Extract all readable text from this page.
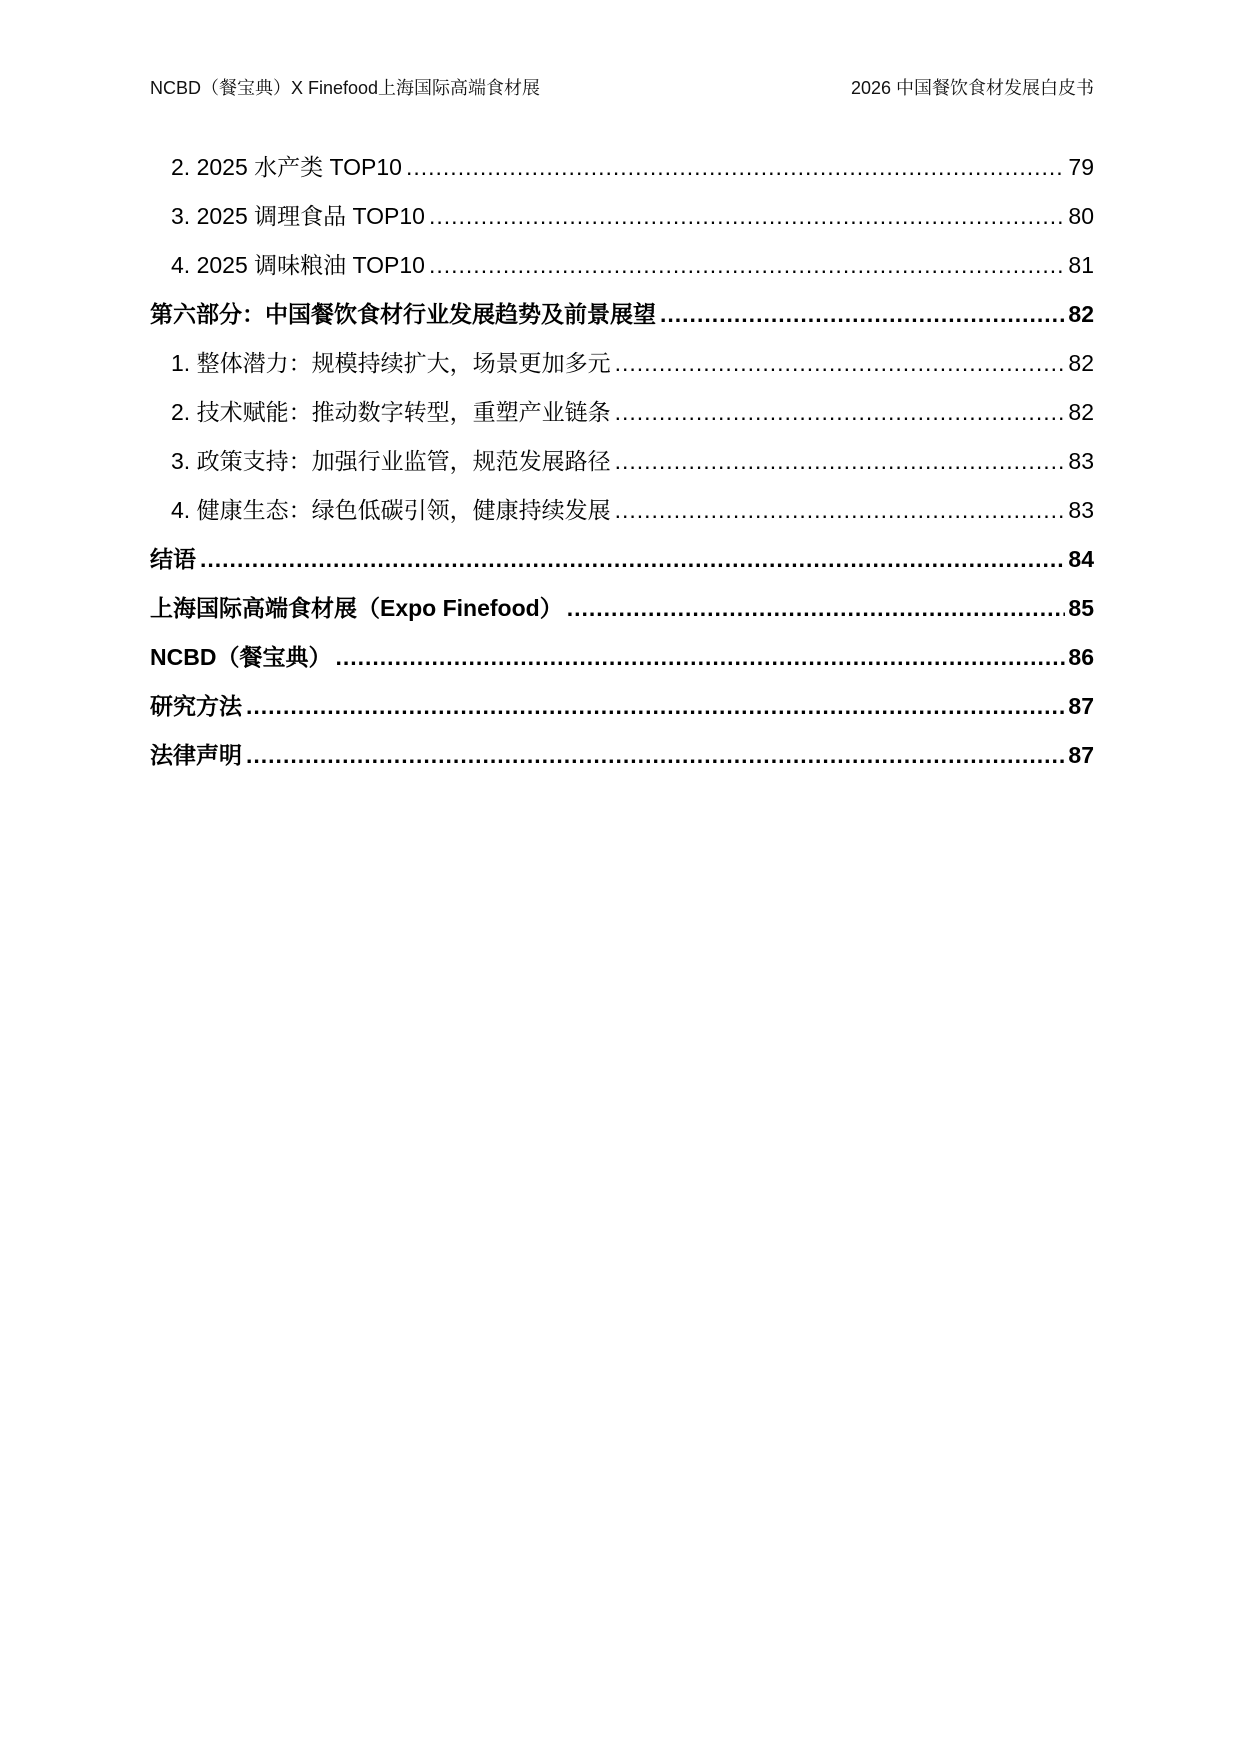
NCBD（餐宝典）X Finefood上海国际高端食材展	2026 中国餐饮食材发展白皮书
2. 2025 水产类 TOP10 .....	79
3. 2025 调理食品 TOP10 .....	80
4. 2025 调味粮油 TOP10 .....	81
第六部分：中国餐饮食材行业发展趋势及前景展望 .....	82
1. 整体潜力：规模持续扩大，场景更加多元 .....	82
2. 技术赋能：推动数字转型，重塑产业链条 .....	82
3. 政策支持：加强行业监管，规范发展路径 .....	83
4. 健康生态：绿色低碳引领，健康持续发展 .....	83
结语 .....	84
上海国际高端食材展（Expo Finefood） .....	85
NCBD（餐宝典） .....	86
研究方法 .....	87
法律声明 .....	87
